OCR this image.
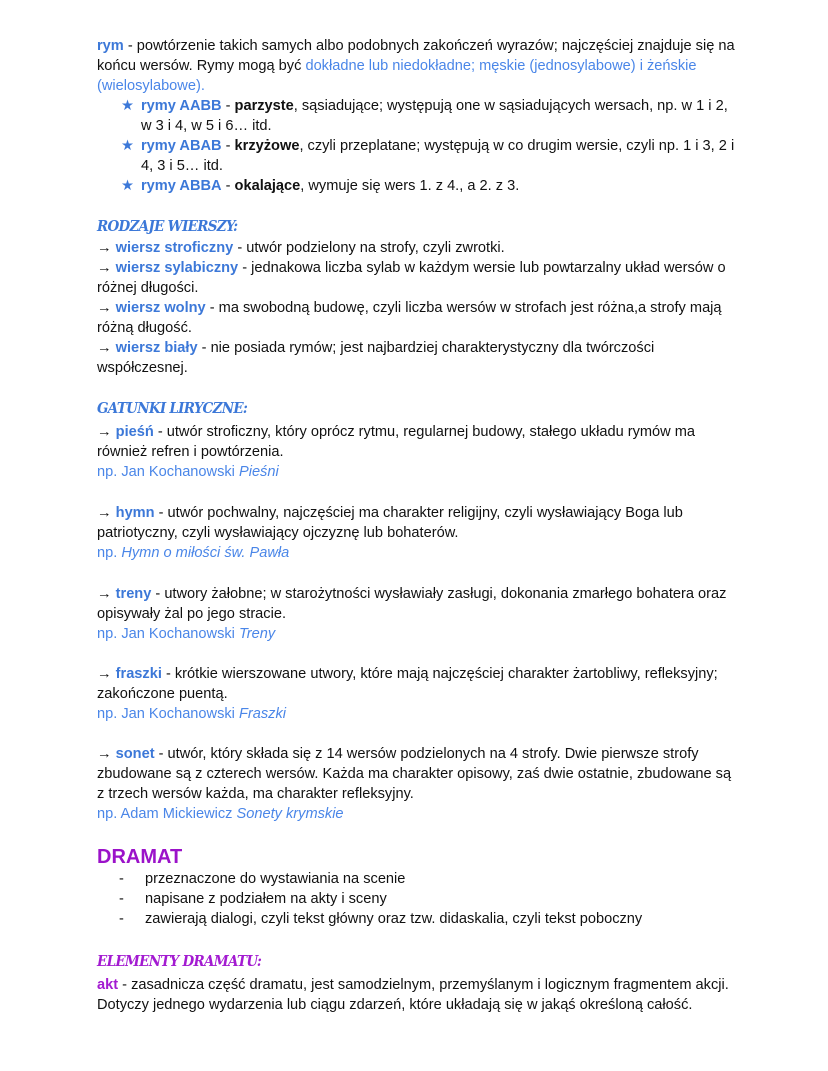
rym - powtórzenie takich samych albo podobnych zakończeń wyrazów; najczęściej znajduje się na końcu wersów. Rymy mogą być dokładne lub niedokładne; męskie (jednosylabowe) i żeńskie (wielosylabowe).
★ rymy AABB - parzyste, sąsiadujące; występują one w sąsiadujących wersach, np. w 1 i 2, w 3 i 4, w 5 i 6… itd.
★ rymy ABAB - krzyżowe, czyli przeplatane; występują w co drugim wersie, czyli np. 1 i 3, 2 i 4, 3 i 5… itd.
★ rymy ABBA - okalające, wymuje się wers 1. z 4., a 2. z 3.
RODZAJE WIERSZY:
→ wiersz stroficzny - utwór podzielony na strofy, czyli zwrotki.
→ wiersz sylabiczny - jednakowa liczba sylab w każdym wersie lub powtarzalny układ wersów o różnej długości.
→ wiersz wolny - ma swobodną budowę, czyli liczba wersów w strofach jest różna,a strofy mają różną długość.
→ wiersz biały - nie posiada rymów; jest najbardziej charakterystyczny dla twórczości współczesnej.
GATUNKI LIRYCZNE:
→ pieśń - utwór stroficzny, który oprócz rytmu, regularnej budowy, stałego układu rymów ma również refren i powtórzenia.
np. Jan Kochanowski Pieśni
→ hymn - utwór pochwalny, najczęściej ma charakter religijny, czyli wysławiający Boga lub patriotyczny, czyli wysławiający ojczyznę lub bohaterów.
np. Hymn o miłości św. Pawła
→ treny - utwory żałobne; w starożytności wysławiały zasługi, dokonania zmarłego bohatera oraz opisywały żal po jego stracie.
np. Jan Kochanowski Treny
→ fraszki - krótkie wierszowane utwory, które mają najczęściej charakter żartobliwy, refleksyjny; zakończone puentą.
np. Jan Kochanowski Fraszki
→ sonet - utwór, który składa się z 14 wersów podzielonych na 4 strofy. Dwie pierwsze strofy zbudowane są z czterech wersów. Każda ma charakter opisowy, zaś dwie ostatnie, zbudowane są z trzech wersów każda, ma charakter refleksyjny.
np. Adam Mickiewicz Sonety krymskie
DRAMAT
- przeznaczone do wystawiania na scenie
- napisane z podziałem na akty i sceny
- zawierają dialogi, czyli tekst główny oraz tzw. didaskalia, czyli tekst poboczny
ELEMENTY DRAMATU:
akt - zasadnicza część dramatu, jest samodzielnym, przemyślanym i logicznym fragmentem akcji. Dotyczy jednego wydarzenia lub ciągu zdarzeń, które układają się w jakąś określoną całość.
